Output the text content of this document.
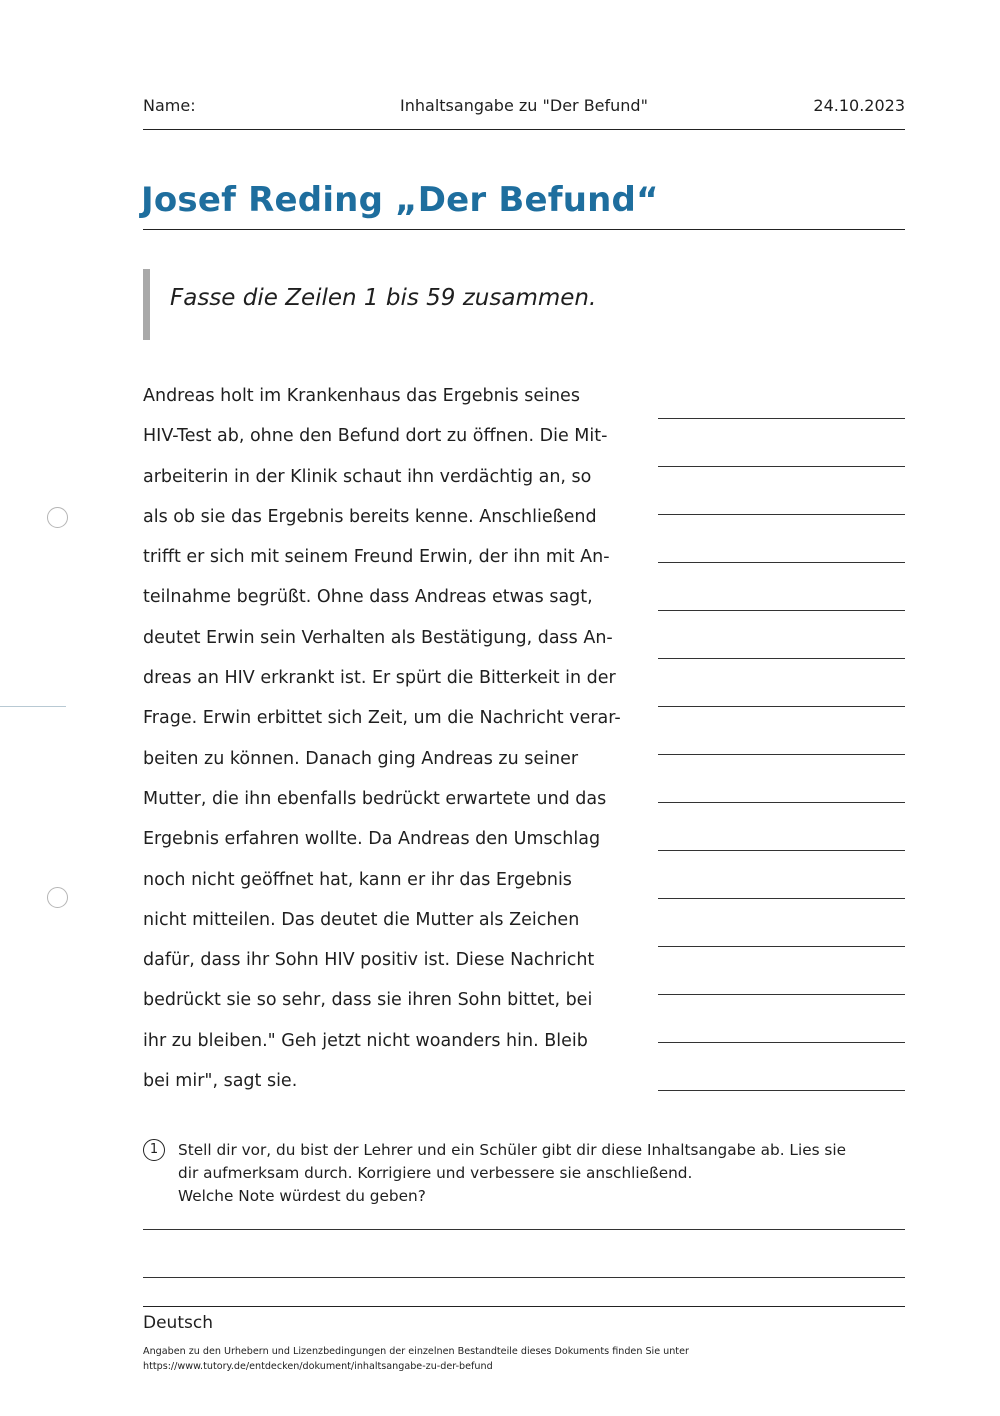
Inhaltsangabe zu "Der Befund"
Name:	24.10.2023
Josef Reding „Der Befund“
Fasse die Zeilen 1 bis 59 zusammen.
Andreas holt im Krankenhaus das Ergebnis seines
HIV-Test ab, ohne den Befund dort zu öffnen. Die Mit-
arbeiterin in der Klinik schaut ihn verdächtig an, so
als ob sie das Ergebnis bereits kenne. Anschließend
trifft er sich mit seinem Freund Erwin, der ihn mit An-
teilnahme begrüßt. Ohne dass Andreas etwas sagt,
deutet Erwin sein Verhalten als Bestätigung, dass An-
dreas an HIV erkrankt ist. Er spürt die Bitterkeit in der
Frage. Erwin erbittet sich Zeit, um die Nachricht verar-
beiten zu können. Danach ging Andreas zu seiner
Mutter, die ihn ebenfalls bedrückt erwartete und das
Ergebnis erfahren wollte. Da Andreas den Umschlag
noch nicht geöffnet hat, kann er ihr das Ergebnis
nicht mitteilen. Das deutet die Mutter als Zeichen
dafür, dass ihr Sohn HIV positiv ist. Diese Nachricht
bedrückt sie so sehr, dass sie ihren Sohn bittet, bei
ihr zu bleiben." Geh jetzt nicht woanders hin. Bleib
bei mir", sagt sie.
1	Stell dir vor, du bist der Lehrer und ein Schüler gibt dir diese Inhaltsangabe ab. Lies sie
dir aufmerksam durch. Korrigiere und verbessere sie anschließend.
Welche Note würdest du geben?
Deutsch
Angaben zu den Urhebern und Lizenzbedingungen der einzelnen Bestandteile dieses Dokuments finden Sie unter
https://www.tutory.de/entdecken/dokument/inhaltsangabe-zu-der-befund
